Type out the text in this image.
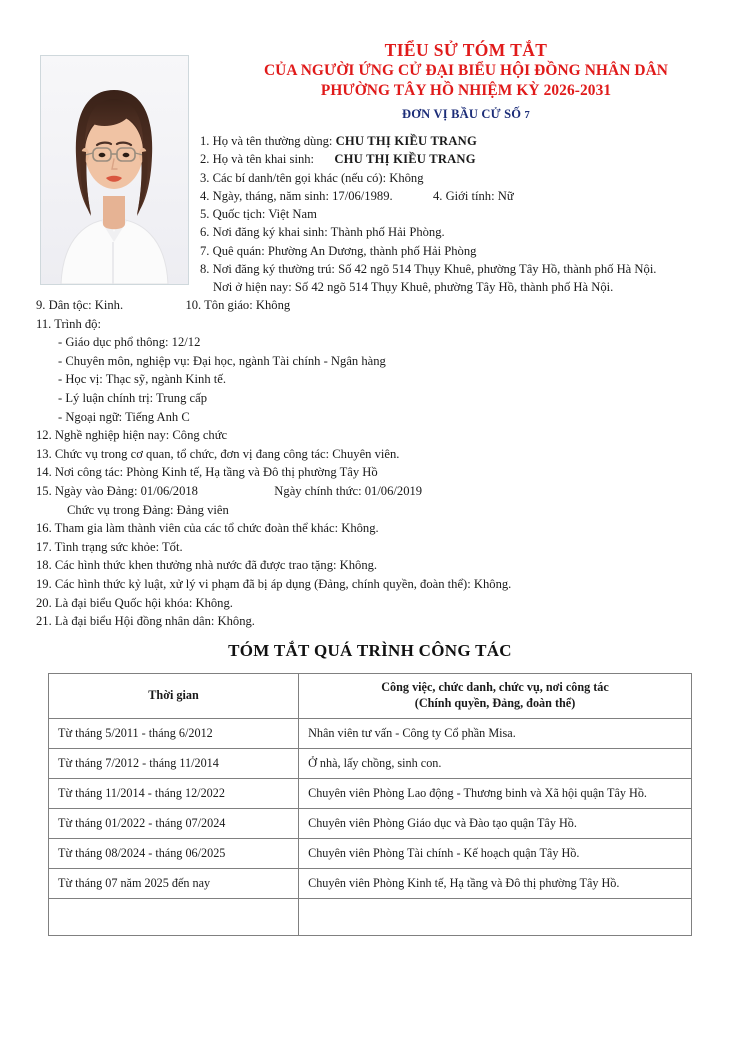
TIỂU SỬ TÓM TẮT
CỦA NGƯỜI ỨNG CỬ ĐẠI BIỂU HỘI ĐỒNG NHÂN DÂN
PHƯỜNG TÂY HỒ NHIỆM KỲ 2026-2031
ĐƠN VỊ BẦU CỬ SỐ 7
1. Họ và tên thường dùng: CHU THỊ KIỀU TRANG
2. Họ và tên khai sinh: CHU THỊ KIỀU TRANG
3. Các bí danh/tên gọi khác (nếu có): Không
4. Ngày, tháng, năm sinh: 17/06/1989.	4. Giới tính: Nữ
5. Quốc tịch: Việt Nam
6. Nơi đăng ký khai sinh: Thành phố Hải Phòng.
7. Quê quán: Phường An Dương, thành phố Hải Phòng
8. Nơi đăng ký thường trú: Số 42 ngõ 514 Thụy Khuê, phường Tây Hồ, thành phố Hà Nội.
Nơi ở hiện nay: Số 42 ngõ 514 Thụy Khuê, phường Tây Hồ, thành phố Hà Nội.
9. Dân tộc: Kinh.	10. Tôn giáo: Không
11. Trình độ:
- Giáo dục phổ thông: 12/12
- Chuyên môn, nghiệp vụ: Đại học, ngành Tài chính - Ngân hàng
- Học vị: Thạc sỹ, ngành Kinh tế.
- Lý luận chính trị: Trung cấp
- Ngoại ngữ: Tiếng Anh C
12. Nghề nghiệp hiện nay: Công chức
13. Chức vụ trong cơ quan, tổ chức, đơn vị đang công tác: Chuyên viên.
14. Nơi công tác: Phòng Kinh tế, Hạ tầng và Đô thị phường Tây Hồ
15. Ngày vào Đảng: 01/06/2018	Ngày chính thức: 01/06/2019
Chức vụ trong Đảng: Đảng viên
16. Tham gia làm thành viên của các tổ chức đoàn thể khác: Không.
17. Tình trạng sức khỏe: Tốt.
18. Các hình thức khen thưởng nhà nước đã được trao tặng: Không.
19. Các hình thức kỷ luật, xử lý vi phạm đã bị áp dụng (Đảng, chính quyền, đoàn thể): Không.
20. Là đại biểu Quốc hội khóa: Không.
21. Là đại biểu Hội đồng nhân dân: Không.
TÓM TẮT QUÁ TRÌNH CÔNG TÁC
Thời gian	Công việc, chức danh, chức vụ, nơi công tác
(Chính quyền, Đảng, đoàn thể)

Từ tháng 5/2011 - tháng 6/2012	Nhân viên tư vấn - Công ty Cổ phần Misa.
Từ tháng 7/2012 - tháng 11/2014	Ở nhà, lấy chồng, sinh con.
Từ tháng 11/2014 - tháng 12/2022	Chuyên viên Phòng Lao động - Thương binh và Xã hội quận Tây Hồ.
Từ tháng 01/2022 - tháng 07/2024	Chuyên viên Phòng Giáo dục và Đào tạo quận Tây Hồ.
Từ tháng 08/2024 - tháng 06/2025	Chuyên viên Phòng Tài chính - Kế hoạch quận Tây Hồ.
Từ tháng 07 năm 2025 đến nay	Chuyên viên Phòng Kinh tế, Hạ tầng và Đô thị phường Tây Hồ.
